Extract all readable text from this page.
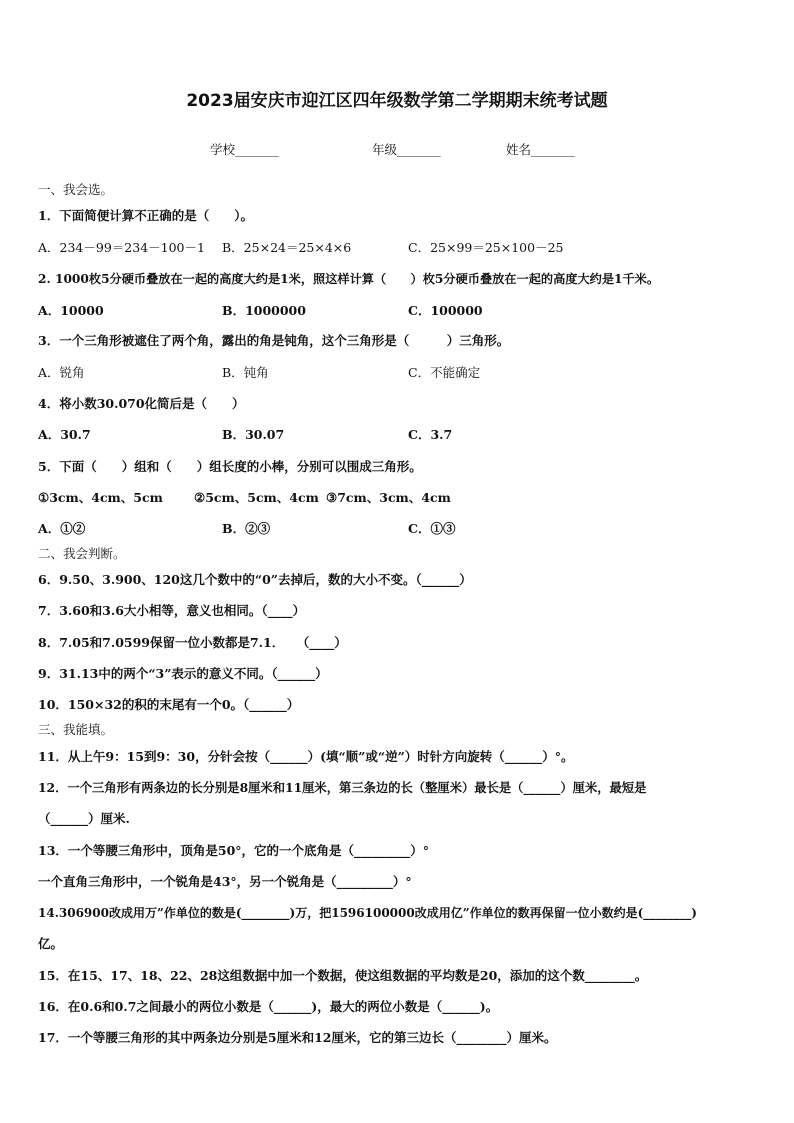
2023届安庆市迎江区四年级数学第二学期期末统考试题
学校_______	年级_______	姓名_______
一、我会选。
1．下面简便计算不正确的是（　　）。
A．234－99＝234－100－1 B．25×24＝25×4×6	C．25×99＝25×100－25
2. 1000枚5分硬币叠放在一起的高度大约是1米，照这样计算（　　）枚5分硬币叠放在一起的高度大约是1千米。
A．10000	B．1000000	C．100000
3．一个三角形被遮住了两个角，露出的角是钝角，这个三角形是（　　　）三角形。
A．锐角	B．钝角	C．不能确定
4．将小数30.070化简后是（　　）
A．30.7	B．30.07	C．3.7
5．下面（　　）组和（　　）组长度的小棒，分别可以围成三角形。
①3cm、4cm、5cm ②5cm、5cm、4cm ③7cm、3cm、4cm
A．①②	B．②③	C．①③
二、我会判断。
6．9.50、3.900、120这几个数中的“0”去掉后，数的大小不变。（______）
7．3.60和3.6大小相等，意义也相同。（____）
8．7.05和7.0599保留一位小数都是7.1．　　（____）
9．31.13中的两个“3”表示的意义不同。（______）
10．150×32的积的末尾有一个0。（______）
三、我能填。
11．从上午9：15到9：30，分针会按（______）(填“顺”或“逆”）时针方向旋转（______）°。
12．一个三角形有两条边的长分别是8厘米和11厘米，第三条边的长（整厘米）最长是（______）厘米，最短是
（______）厘米.
13．一个等腰三角形中，顶角是50°，它的一个底角是（_________）°
一个直角三角形中，一个锐角是43°，另一个锐角是（_________）°
14.306900改成用万”作单位的数是(________)万，把1596100000改成用亿”作单位的数再保留一位小数约是(________)
亿。
15．在15、17、18、22、28这组数据中加一个数据，使这组数据的平均数是20，添加的这个数________。
16．在0.6和0.7之间最小的两位小数是（______)，最大的两位小数是（______)。
17．一个等腰三角形的其中两条边分别是5厘米和12厘米，它的第三边长（________）厘米。
